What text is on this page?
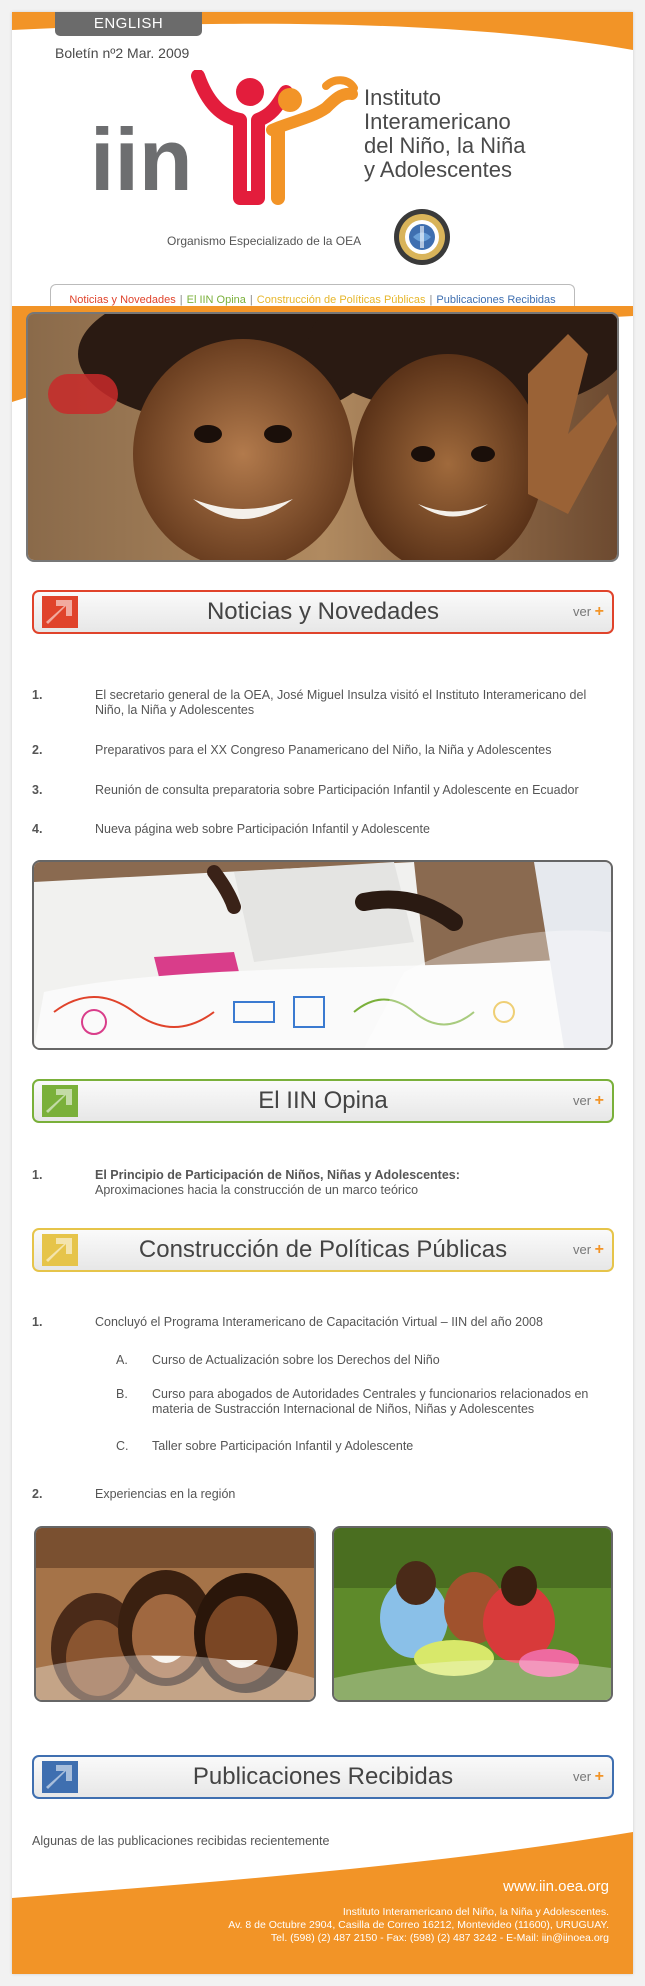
ENGLISH
Boletín nº2 Mar. 2009
iin
Instituto
Interamericano
del Niño, la Niña
y Adolescentes
Organismo Especializado de la OEA
Noticias y Novedades | El IIN Opina | Construcción de Políticas Públicas | Publicaciones Recibidas
Noticias y Novedades	ver +
1.	El secretario general de la OEA, José Miguel Insulza visitó el Instituto Interamericano del Niño, la Niña y Adolescentes
2.	Preparativos para el XX Congreso Panamericano del Niño, la Niña y Adolescentes
3.	Reunión de consulta preparatoria sobre Participación Infantil y Adolescente en Ecuador
4.	Nueva página web sobre Participación Infantil y Adolescente
El IIN Opina	ver +
1.	El Principio de Participación de Niños, Niñas y Adolescentes:
Aproximaciones hacia la construcción de un marco teórico
Construcción de Políticas Públicas	ver +
1.	Concluyó el Programa Interamericano de Capacitación Virtual – IIN del año 2008
A. Curso de Actualización sobre los Derechos del Niño
B. Curso para abogados de Autoridades Centrales y funcionarios relacionados en materia de Sustracción Internacional de Niños, Niñas y Adolescentes
C. Taller sobre Participación Infantil y Adolescente
2.	Experiencias en la región
Publicaciones Recibidas	ver +
Algunas de las publicaciones recibidas recientemente
www.iin.oea.org
Instituto Interamericano del Niño, la Niña y Adolescentes.
Av. 8 de Octubre 2904, Casilla de Correo 16212, Montevideo (11600), URUGUAY.
Tel. (598) (2) 487 2150 - Fax: (598) (2) 487 3242 - E-Mail: iin@iinoea.org
